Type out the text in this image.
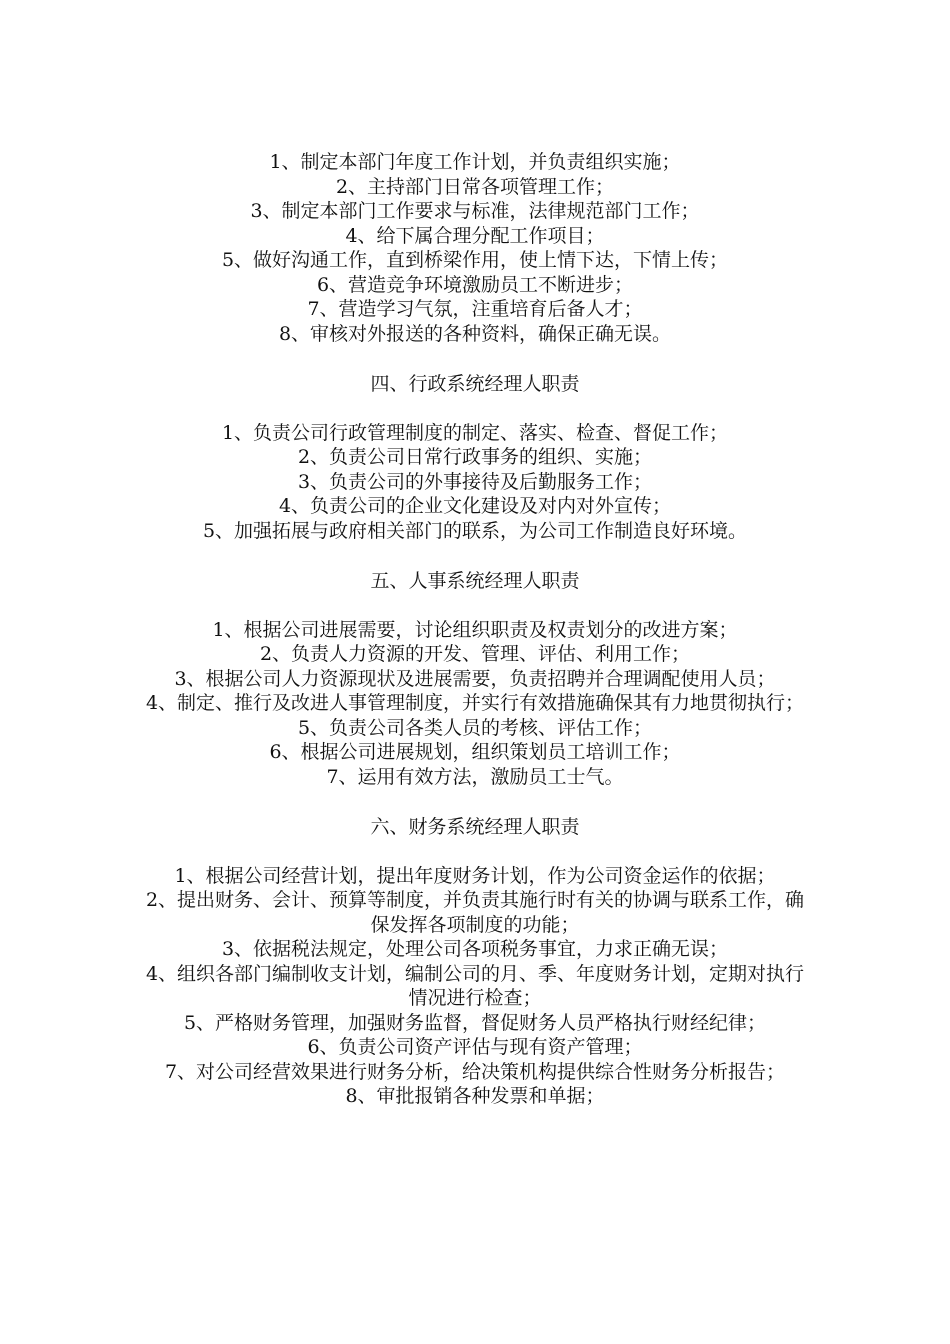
1、制定本部门年度工作计划，并负责组织实施；
2、主持部门日常各项管理工作；
3、制定本部门工作要求与标准，法律规范部门工作；
4、给下属合理分配工作项目；
5、做好沟通工作，直到桥梁作用，使上情下达，下情上传；
6、营造竞争环境激励员工不断进步；
7、营造学习气氛，注重培育后备人才；
8、审核对外报送的各种资料，确保正确无误。
四、行政系统经理人职责
1、负责公司行政管理制度的制定、落实、检查、督促工作；
2、负责公司日常行政事务的组织、实施；
3、负责公司的外事接待及后勤服务工作；
4、负责公司的企业文化建设及对内对外宣传；
5、加强拓展与政府相关部门的联系，为公司工作制造良好环境。
五、人事系统经理人职责
1、根据公司进展需要，讨论组织职责及权责划分的改进方案；
2、负责人力资源的开发、管理、评估、利用工作；
3、根据公司人力资源现状及进展需要，负责招聘并合理调配使用人员；
4、制定、推行及改进人事管理制度，并实行有效措施确保其有力地贯彻执行；
5、负责公司各类人员的考核、评估工作；
6、根据公司进展规划，组织策划员工培训工作；
7、运用有效方法，激励员工士气。
六、财务系统经理人职责
1、根据公司经营计划，提出年度财务计划，作为公司资金运作的依据；
2、提出财务、会计、预算等制度，并负责其施行时有关的协调与联系工作，确保发挥各项制度的功能；
3、依据税法规定，处理公司各项税务事宜，力求正确无误；
4、组织各部门编制收支计划，编制公司的月、季、年度财务计划，定期对执行情况进行检查；
5、严格财务管理，加强财务监督，督促财务人员严格执行财经纪律；
6、负责公司资产评估与现有资产管理；
7、对公司经营效果进行财务分析，给决策机构提供综合性财务分析报告；
8、审批报销各种发票和单据；
